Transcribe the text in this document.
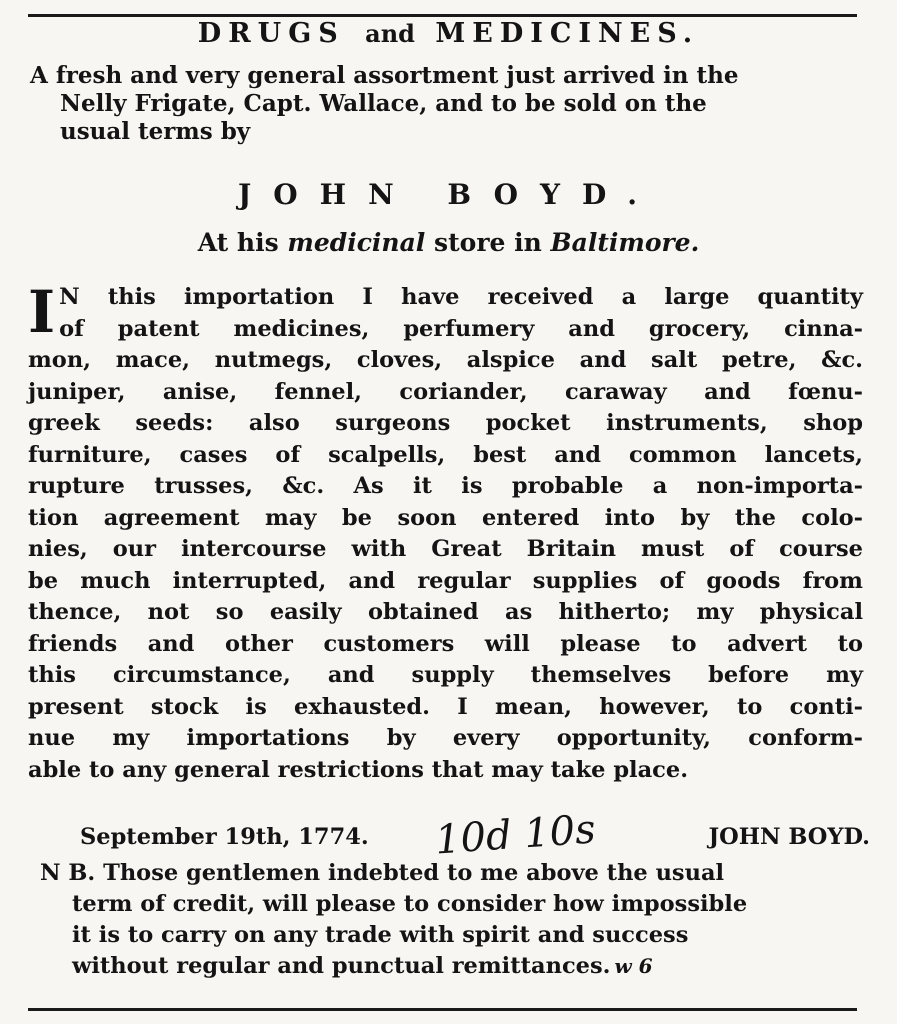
DRUGS and MEDICINES.
A fresh and very general assortment just arrived in the
Nelly Frigate, Capt. Wallace, and to be sold on the
usual terms by
JOHN BOYD.
At his medicinal store in Baltimore.
I N this importation I have received a large quantity
of patent medicines, perfumery and grocery, cinna-
mon, mace, nutmegs, cloves, alspice and salt petre, &c.
juniper, anise, fennel, coriander, caraway and fœnu-
greek seeds: also surgeons pocket instruments, shop
furniture, cases of scalpells, best and common lancets,
rupture trusses, &c. As it is probable a non-importa-
tion agreement may be soon entered into by the colo-
nies, our intercourse with Great Britain must of course
be much interrupted, and regular supplies of goods from
thence, not so easily obtained as hitherto; my physical
friends and other customers will please to advert to
this circumstance, and supply themselves before my
present stock is exhausted. I mean, however, to conti-
nue my importations by every opportunity, conform-
able to any general restrictions that may take place.
September 19th, 1774. 10d 10s	JOHN BOYD.
N B. Those gentlemen indebted to me above the usual
term of credit, will please to consider how impossible
it is to carry on any trade with spirit and success
without regular and punctual remittances. w 6
